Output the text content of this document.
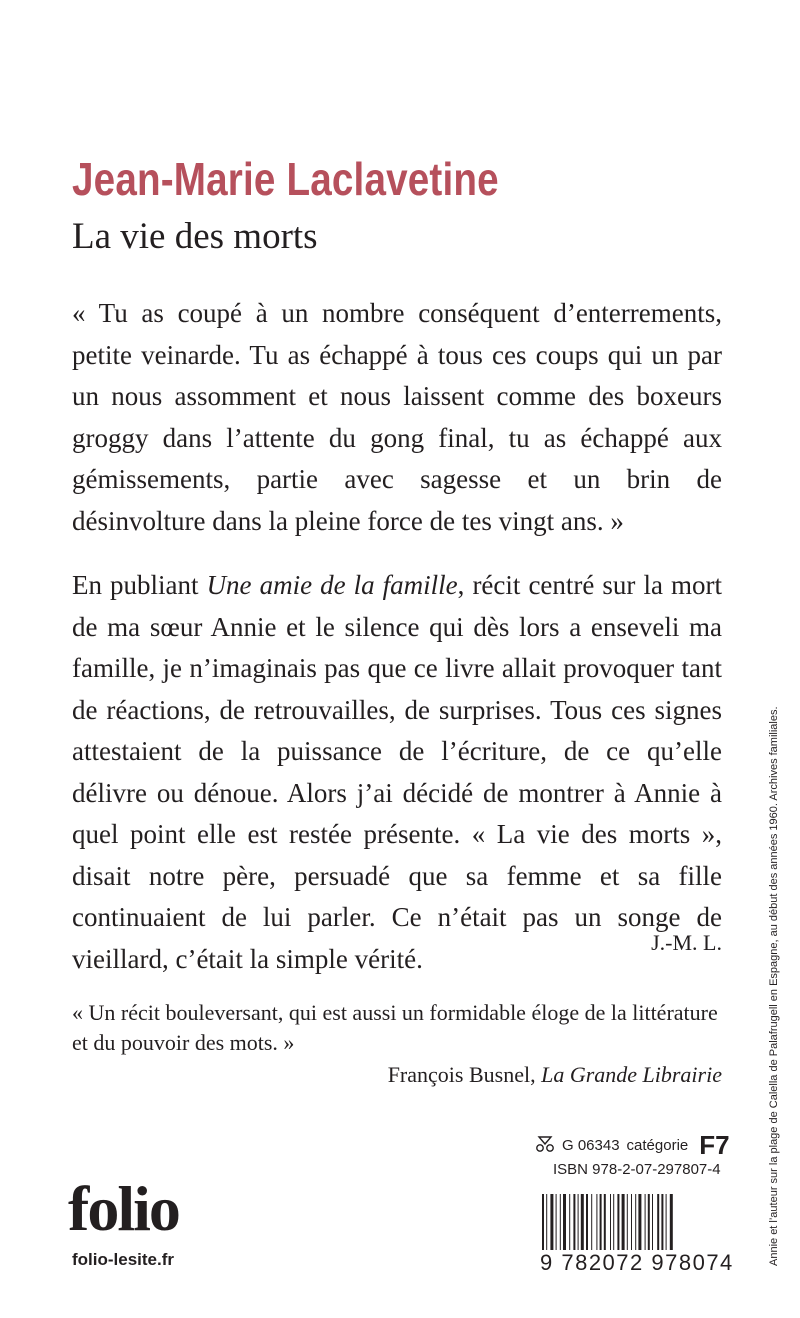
Jean-Marie Laclavetine
La vie des morts

« Tu as coupé à un nombre conséquent d’enterrements, petite veinarde. Tu as échappé à tous ces coups qui un par un nous assomment et nous laissent comme des boxeurs groggy dans l’attente du gong final, tu as échappé aux gémissements, partie avec sagesse et un brin de désinvolture dans la pleine force de tes vingt ans. »

En publiant Une amie de la famille, récit centré sur la mort de ma sœur Annie et le silence qui dès lors a enseveli ma famille, je n’imaginais pas que ce livre allait provoquer tant de réactions, de retrouvailles, de surprises. Tous ces signes attestaient de la puissance de l’écriture, de ce qu’elle délivre ou dénoue. Alors j’ai décidé de montrer à Annie à quel point elle est restée présente. « La vie des morts », disait notre père, persuadé que sa femme et sa fille continuaient de lui parler. Ce n’était pas un songe de vieillard, c’était la simple vérité.

J.-M. L.
« Un récit bouleversant, qui est aussi un formidable éloge de la littérature et du pouvoir des mots. »
François Busnel, La Grande Librairie	Annie et l’auteur sur la plage de Calella de Palafrugell en Espagne, au début des années 1960. Archives familiales.
G 06343 catégorie F7
ISBN 978-2-07-297807-4
9 782072 978074
folio
folio-lesite.fr
